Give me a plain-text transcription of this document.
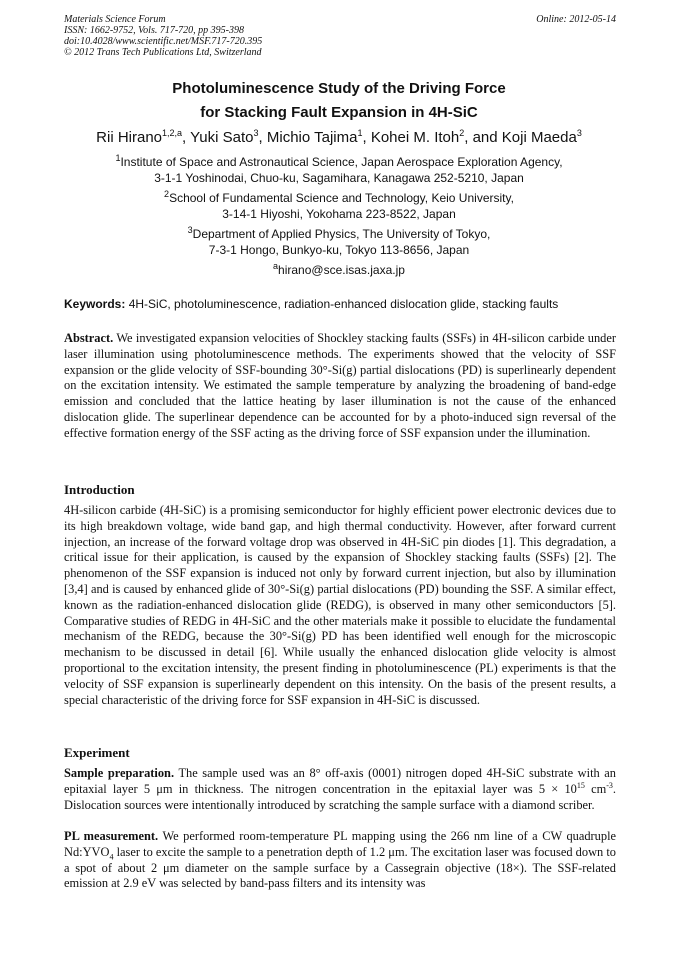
Materials Science Forum
ISSN: 1662-9752, Vols. 717-720, pp 395-398
doi:10.4028/www.scientific.net/MSF.717-720.395
© 2012 Trans Tech Publications Ltd, Switzerland
Online: 2012-05-14
Photoluminescence Study of the Driving Force
for Stacking Fault Expansion in 4H-SiC
Rii Hirano$^{1,2,a}$, Yuki Sato$^3$, Michio Tajima$^1$, Kohei M. Itoh$^2$, and Koji Maeda$^3$
$^1$Institute of Space and Astronautical Science, Japan Aerospace Exploration Agency,
3-1-1 Yoshinodai, Chuo-ku, Sagamihara, Kanagawa 252-5210, Japan
$^2$School of Fundamental Science and Technology, Keio University,
3-14-1 Hiyoshi, Yokohama 223-8522, Japan
$^3$Department of Applied Physics, The University of Tokyo,
7-3-1 Hongo, Bunkyo-ku, Tokyo 113-8656, Japan
$^a$hirano@sce.isas.jaxa.jp
Keywords: 4H-SiC, photoluminescence, radiation-enhanced dislocation glide, stacking faults
Abstract. We investigated expansion velocities of Shockley stacking faults (SSFs) in 4H-silicon carbide under laser illumination using photoluminescence methods. The experiments showed that the velocity of SSF expansion or the glide velocity of SSF-bounding 30°-Si(g) partial dislocations (PD) is superlinearly dependent on the excitation intensity. We estimated the sample temperature by analyzing the broadening of band-edge emission and concluded that the lattice heating by laser illumination is not the cause of the enhanced dislocation glide. The superlinear dependence can be accounted for by a photo-induced sign reversal of the effective formation energy of the SSF acting as the driving force of SSF expansion under the illumination.
Introduction
4H-silicon carbide (4H-SiC) is a promising semiconductor for highly efficient power electronic devices due to its high breakdown voltage, wide band gap, and high thermal conductivity. However, after forward current injection, an increase of the forward voltage drop was observed in 4H-SiC pin diodes [1]. This degradation, a critical issue for their application, is caused by the expansion of Shockley stacking faults (SSFs) [2]. The phenomenon of the SSF expansion is induced not only by forward current injection, but also by illumination [3,4] and is caused by enhanced glide of 30°-Si(g) partial dislocations (PD) bounding the SSF. A similar effect, known as the radiation-enhanced dislocation glide (REDG), is observed in many other semiconductors [5]. Comparative studies of REDG in 4H-SiC and the other materials make it possible to elucidate the fundamental mechanism of the REDG, because the 30°-Si(g) PD has been identified well enough for the microscopic mechanism to be discussed in detail [6]. While usually the enhanced dislocation glide velocity is almost proportional to the excitation intensity, the present finding in photoluminescence (PL) experiments is that the velocity of SSF expansion is superlinearly dependent on this intensity. On the basis of the present results, a special characteristic of the driving force for SSF expansion in 4H-SiC is discussed.
Experiment
Sample preparation. The sample used was an 8° off-axis (0001) nitrogen doped 4H-SiC substrate with an epitaxial layer 5 μm in thickness. The nitrogen concentration in the epitaxial layer was $5 \times 10^{15}$ $cm^{-3}$. Dislocation sources were intentionally introduced by scratching the sample surface with a diamond scriber.
PL measurement. We performed room-temperature PL mapping using the 266 nm line of a CW quadruple $Nd:YVO_4$ laser to excite the sample to a penetration depth of 1.2 μm. The excitation laser was focused down to a spot of about 2 μm diameter on the sample surface by a Cassegrain objective (18×). The SSF-related emission at 2.9 eV was selected by band-pass filters and its intensity was
